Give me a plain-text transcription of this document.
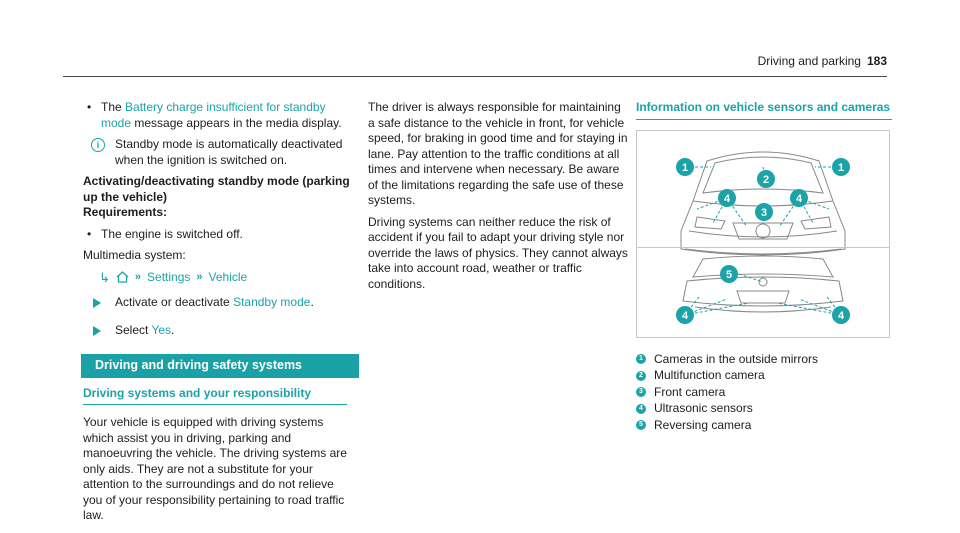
Driving and parking 183
• The Battery charge insufficient for standby mode message appears in the media display.
i	Standby mode is automatically deactivated when the ignition is switched on.
Activating/deactivating standby mode (parking up the vehicle)
Requirements:
• The engine is switched off.
Multimedia system:
↳ » Settings » Vehicle
Activate or deactivate Standby mode.
Select Yes.
Driving and driving safety systems
Driving systems and your responsibility
Your vehicle is equipped with driving systems which assist you in driving, parking and manoeuvring the vehicle. The driving systems are only aids. They are not a substitute for your attention to the surroundings and do not relieve you of your responsibility pertaining to road traffic law.
The driver is always responsible for maintaining a safe distance to the vehicle in front, for vehicle speed, for braking in good time and for staying in lane. Pay attention to the traffic conditions at all times and intervene when necessary. Be aware of the limitations regarding the safe use of these systems.
Driving systems can neither reduce the risk of accident if you fail to adapt your driving style nor override the laws of physics. They cannot always take into account road, weather or traffic conditions.
Information on vehicle sensors and cameras
1
2
1
3
4	4
5
4	4
1 Cameras in the outside mirrors
2 Multifunction camera
3 Front camera
4 Ultrasonic sensors
5 Reversing camera
